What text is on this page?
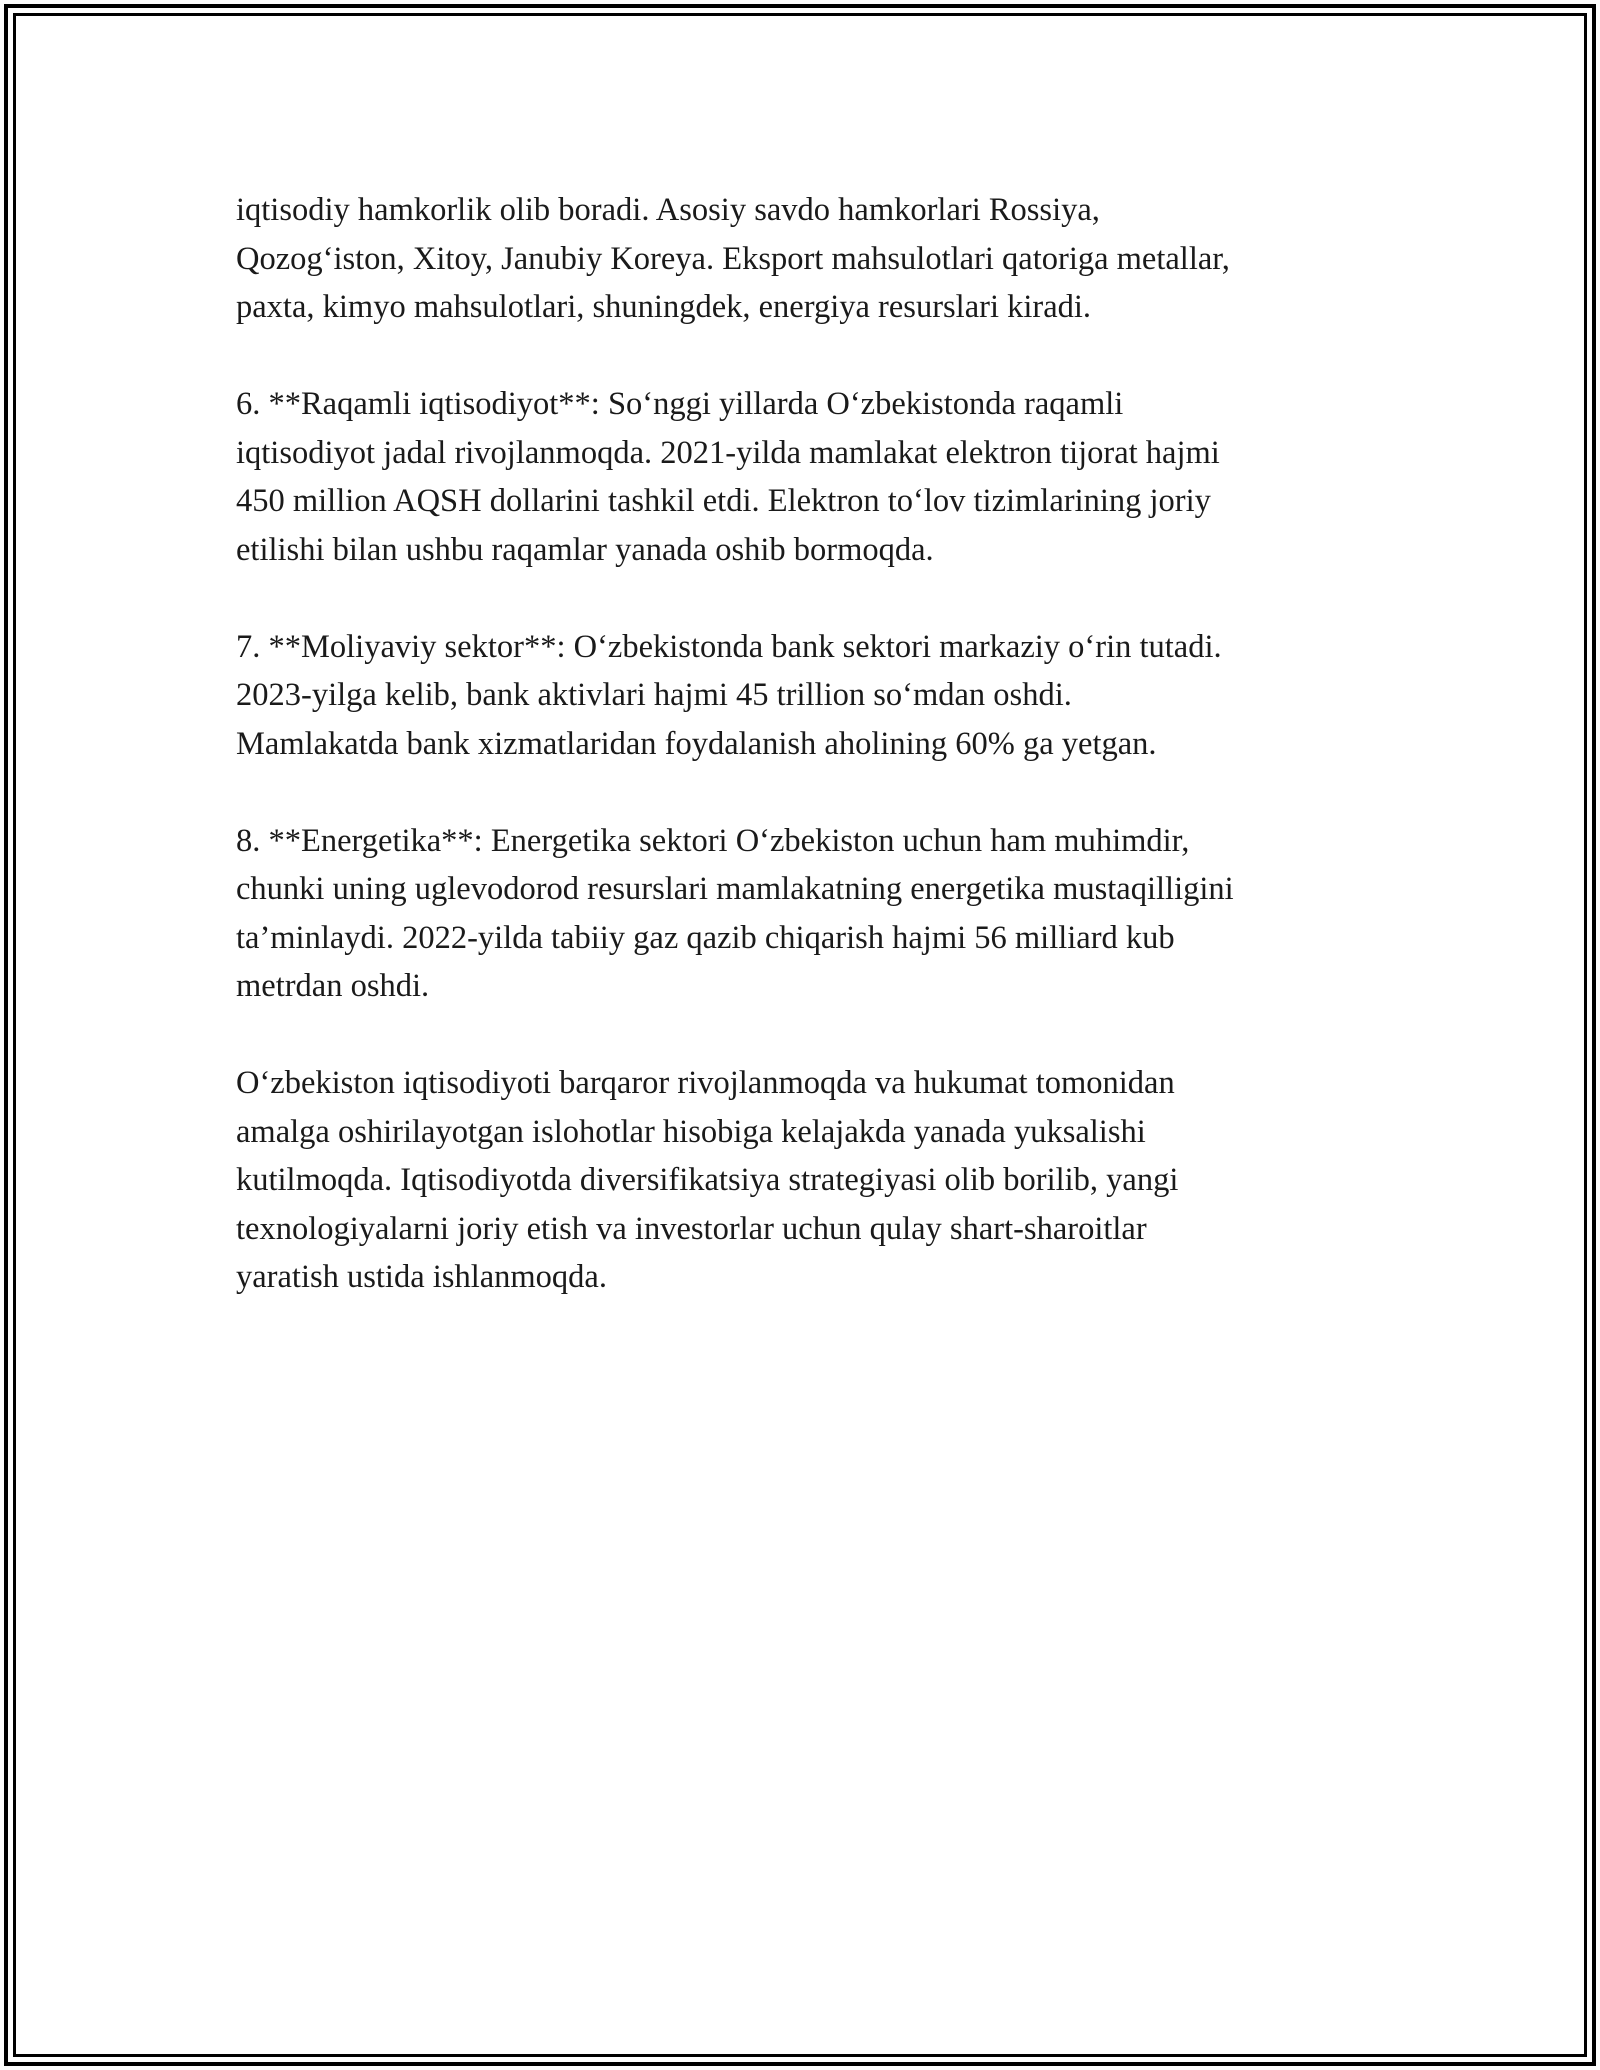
iqtisodiy hamkorlik olib boradi. Asosiy savdo hamkorlari Rossiya,
Qozog‘iston, Xitoy, Janubiy Koreya. Eksport mahsulotlari qatoriga metallar,
paxta, kimyo mahsulotlari, shuningdek, energiya resurslari kiradi.

6. **Raqamli iqtisodiyot**: So‘nggi yillarda O‘zbekistonda raqamli
iqtisodiyot jadal rivojlanmoqda. 2021-yilda mamlakat elektron tijorat hajmi
450 million AQSH dollarini tashkil etdi. Elektron to‘lov tizimlarining joriy
etilishi bilan ushbu raqamlar yanada oshib bormoqda.

7. **Moliyaviy sektor**: O‘zbekistonda bank sektori markaziy o‘rin tutadi.
2023-yilga kelib, bank aktivlari hajmi 45 trillion so‘mdan oshdi.
Mamlakatda bank xizmatlaridan foydalanish aholining 60% ga yetgan.

8. **Energetika**: Energetika sektori O‘zbekiston uchun ham muhimdir,
chunki uning uglevodorod resurslari mamlakatning energetika mustaqilligini
ta’minlaydi. 2022-yilda tabiiy gaz qazib chiqarish hajmi 56 milliard kub
metrdan oshdi.

O‘zbekiston iqtisodiyoti barqaror rivojlanmoqda va hukumat tomonidan
amalga oshirilayotgan islohotlar hisobiga kelajakda yanada yuksalishi
kutilmoqda. Iqtisodiyotda diversifikatsiya strategiyasi olib borilib, yangi
texnologiyalarni joriy etish va investorlar uchun qulay shart-sharoitlar
yaratish ustida ishlanmoqda.
